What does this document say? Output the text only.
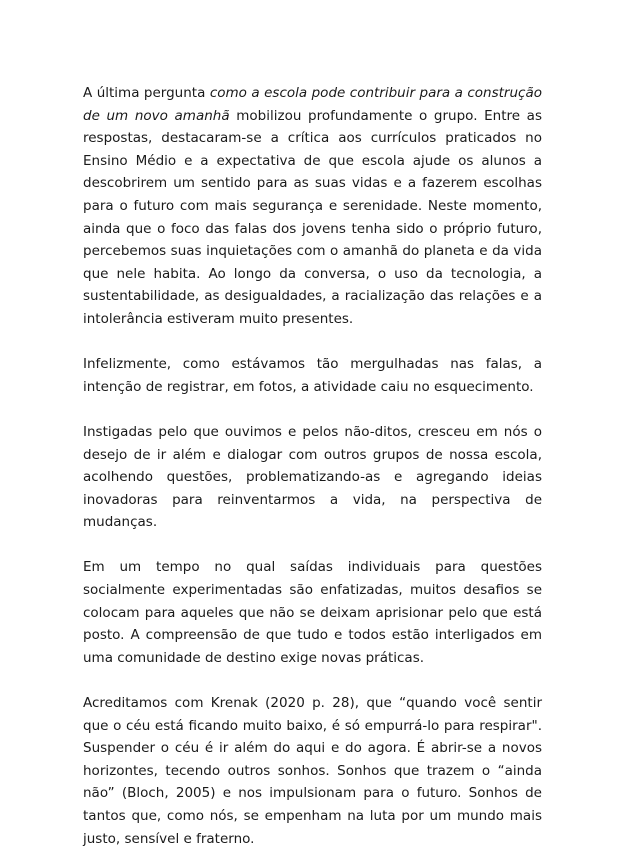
A última pergunta como a escola pode contribuir para a construção de um novo amanhã mobilizou profundamente o grupo. Entre as respostas, destacaram-se a crítica aos currículos praticados no Ensino Médio e a expectativa de que escola ajude os alunos a descobrirem um sentido para as suas vidas e a fazerem escolhas para o futuro com mais segurança e serenidade. Neste momento, ainda que o foco das falas dos jovens tenha sido o próprio futuro, percebemos suas inquietações com o amanhã do planeta e da vida que nele habita. Ao longo da conversa, o uso da tecnologia, a sustentabilidade, as desigualdades, a racialização das relações e a intolerância estiveram muito presentes.

Infelizmente, como estávamos tão mergulhadas nas falas, a intenção de registrar, em fotos, a atividade caiu no esquecimento.

Instigadas pelo que ouvimos e pelos não-ditos, cresceu em nós o desejo de ir além e dialogar com outros grupos de nossa escola, acolhendo questões, problematizando-as e agregando ideias inovadoras para reinventarmos a vida, na perspectiva de mudanças.

Em um tempo no qual saídas individuais para questões socialmente experimentadas são enfatizadas, muitos desafios se colocam para aqueles que não se deixam aprisionar pelo que está posto. A compreensão de que tudo e todos estão interligados em uma comunidade de destino exige novas práticas.

Acreditamos com Krenak (2020 p. 28), que “quando você sentir que o céu está ficando muito baixo, é só empurrá-lo para respirar". Suspender o céu é ir além do aqui e do agora. É abrir-se a novos horizontes, tecendo outros sonhos. Sonhos que trazem o “ainda não” (Bloch, 2005) e nos impulsionam para o futuro. Sonhos de tantos que, como nós, se empenham na luta por um mundo mais justo, sensível e fraterno.
